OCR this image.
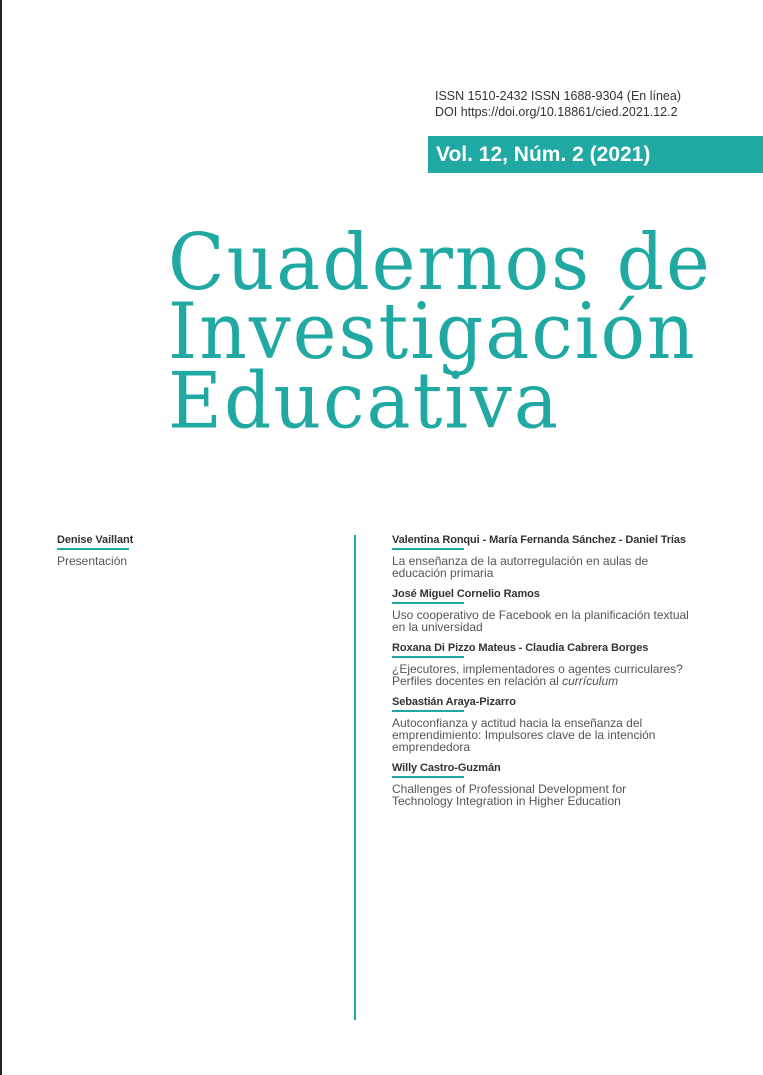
ISSN 1510-2432 ISSN 1688-9304 (En línea)
DOI https://doi.org/10.18861/cied.2021.12.2
Vol. 12, Núm. 2 (2021)
Cuadernos de
Investigación
Educativa
Denise Vaillant
Presentación
Valentina Ronqui - María Fernanda Sánchez - Daniel Trías
La enseñanza de la autorregulación en aulas de
educación primaria
José Miguel Cornelio Ramos
Uso cooperativo de Facebook en la planificación textual
en la universidad
Roxana Di Pizzo Mateus - Claudia Cabrera Borges
¿Ejecutores, implementadores o agentes curriculares?
Perfiles docentes en relación al currículum
Sebastián Araya-Pizarro
Autoconfianza y actitud hacia la enseñanza del
emprendimiento: Impulsores clave de la intención
emprendedora
Willy Castro-Guzmán
Challenges of Professional Development for
Technology Integration in Higher Education
